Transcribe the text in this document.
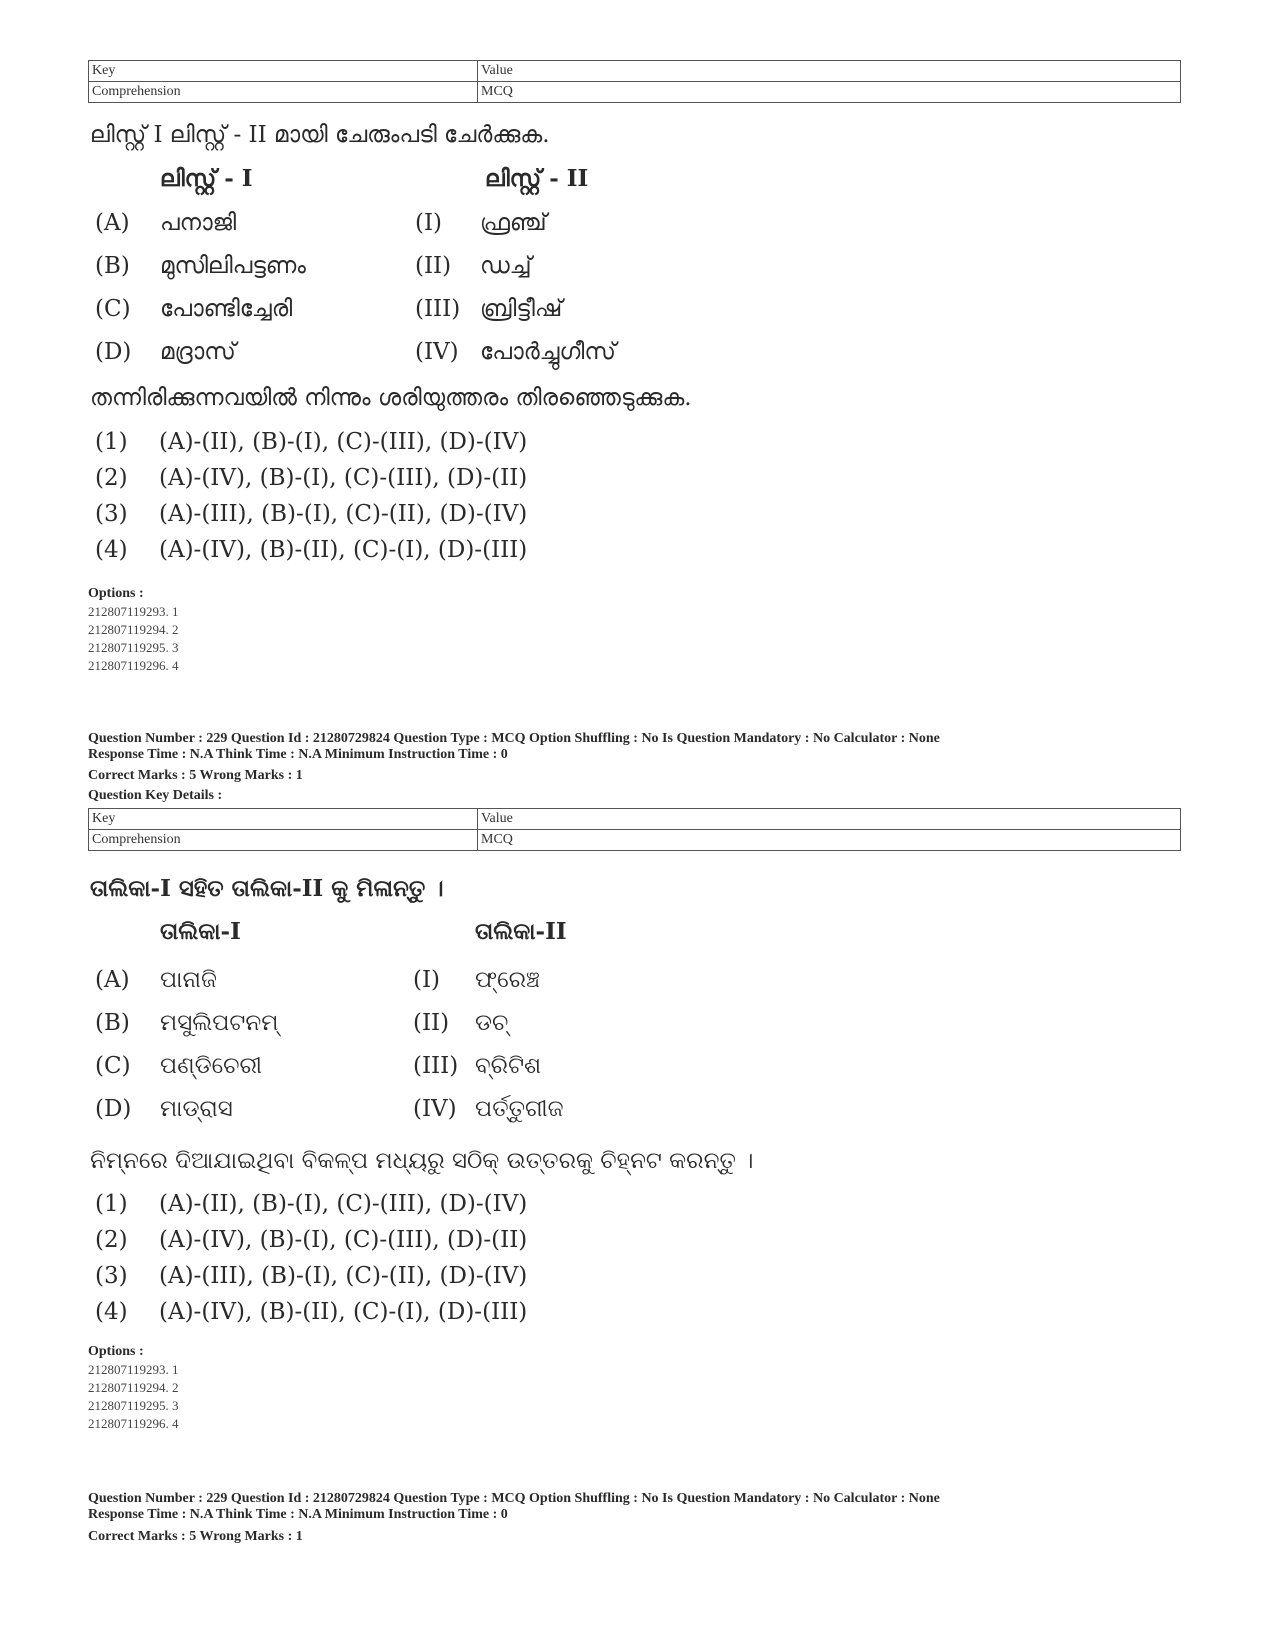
Key	Value
Comprehension	MCQ
ലിസ്റ്റ് I ലിസ്റ്റ് - II മായി ചേരുംപടി ചേർക്കുക.
ലിസ്റ്റ് - I	ലിസ്റ്റ് - II
(A) പനാജി	(I) ഫ്രഞ്ച്
(B) മുസിലിപട്ടണം	(II) ഡച്ച്
(C) പോണ്ടിച്ചേരി	(III) ബ്രിട്ടീഷ്
(D) മദ്രാസ്	(IV) പോർച്ചുഗീസ്
തന്നിരിക്കുന്നവയിൽ നിന്നും ശരിയുത്തരം തിരഞ്ഞെടുക്കുക.
(1) (A)-(II), (B)-(I), (C)-(III), (D)-(IV)
(2) (A)-(IV), (B)-(I), (C)-(III), (D)-(II)
(3) (A)-(III), (B)-(I), (C)-(II), (D)-(IV)
(4) (A)-(IV), (B)-(II), (C)-(I), (D)-(III)
Options :
212807119293. 1
212807119294. 2
212807119295. 3
212807119296. 4
Question Number : 229 Question Id : 21280729824 Question Type : MCQ Option Shuffling : No Is Question Mandatory : No Calculator : None
Response Time : N.A Think Time : N.A Minimum Instruction Time : 0
Correct Marks : 5 Wrong Marks : 1
Question Key Details :
Key	Value
Comprehension	MCQ
ତାଲିକା-I ସହିତ ତାଲିକା-II କୁ ମିଳାନ୍ତୁ ।
ତାଲିକା-I	ତାଲିକା-II
(A) ପାନାଜି	(I) ଫ୍ରେଞ୍ଚ
(B) ମସୁଲିପଟନମ୍	(II) ଡଚ୍
(C) ପଣ୍ଡିଚେରୀ	(III) ବ୍ରିଟିଶ
(D) ମାଡ୍ରାସ	(IV) ପର୍ତ୍ତୁଗୀଜ
ନିମ୍ନରେ ଦିଆଯାଇଥିବା ବିକଳ୍ପ ମଧ୍ୟରୁ ସଠିକ୍ ଉତ୍ତରକୁ ଚିହ୍ନଟ କରନ୍ତୁ ।
(1) (A)-(II), (B)-(I), (C)-(III), (D)-(IV)
(2) (A)-(IV), (B)-(I), (C)-(III), (D)-(II)
(3) (A)-(III), (B)-(I), (C)-(II), (D)-(IV)
(4) (A)-(IV), (B)-(II), (C)-(I), (D)-(III)
Options :
212807119293. 1
212807119294. 2
212807119295. 3
212807119296. 4
Question Number : 229 Question Id : 21280729824 Question Type : MCQ Option Shuffling : No Is Question Mandatory : No Calculator : None
Response Time : N.A Think Time : N.A Minimum Instruction Time : 0
Correct Marks : 5 Wrong Marks : 1
